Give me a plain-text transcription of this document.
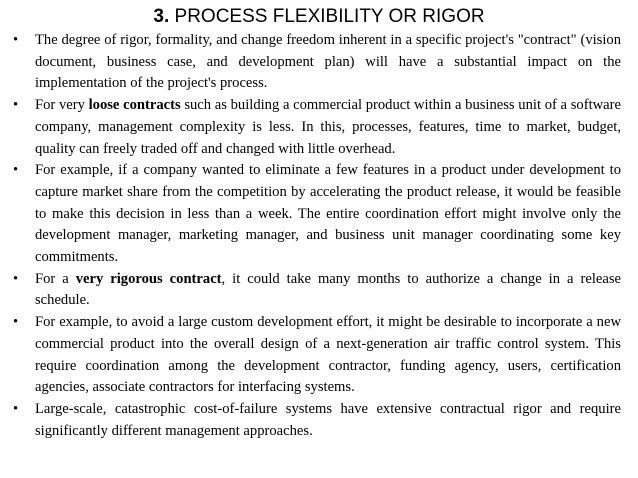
3. PROCESS FLEXIBILITY OR RIGOR
• The degree of rigor, formality, and change freedom inherent in a specific project's "contract" (vision document, business case, and development plan) will have a substantial impact on the implementation of the project's process.
• For very loose contracts such as building a commercial product within a business unit of a software company, management complexity is less. In this, processes, features, time to market, budget, quality can freely traded off and changed with little overhead.
• For example, if a company wanted to eliminate a few features in a product under development to capture market share from the competition by accelerating the product release, it would be feasible to make this decision in less than a week. The entire coordination effort might involve only the development manager, marketing manager, and business unit manager coordinating some key commitments.
• For a very rigorous contract, it could take many months to authorize a change in a release schedule.
• For example, to avoid a large custom development effort, it might be desirable to incorporate a new commercial product into the overall design of a next-generation air traffic control system. This require coordination among the development contractor, funding agency, users, certification agencies, associate contractors for interfacing systems.
• Large-scale, catastrophic cost-of-failure systems have extensive contractual rigor and require significantly different management approaches.
